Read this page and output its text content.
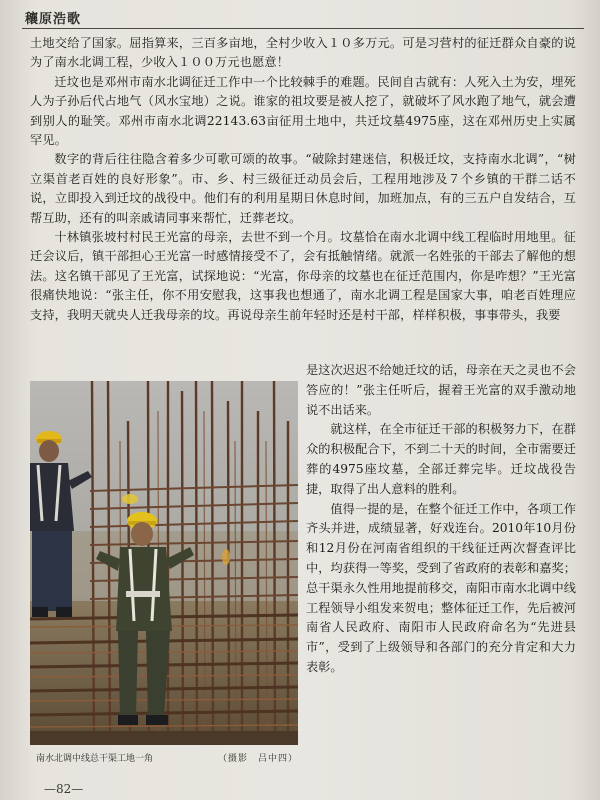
穰原浩歌

土地交给了国家。屈指算来，三百多亩地，全村少收入１０多万元。可是习营村的征迁群众自豪的说为了南水北调工程，少收入１００万元也愿意！

迁坟也是邓州市南水北调征迁工作中一个比较棘手的难题。民间自古就有：人死入土为安，埋死人为子孙后代占地气（风水宝地）之说。谁家的祖坟要是被人挖了，就破坏了风水跑了地气，就会遭到别人的耻笑。邓州市南水北调22143.63亩征用土地中，共迁坟墓4975座，这在邓州历史上实属罕见。

数字的背后往往隐含着多少可歌可颂的故事。“破除封建迷信，积极迁坟，支持南水北调”，“树立渠首老百姓的良好形象”。市、乡、村三级征迁动员会后，工程用地涉及７个乡镇的干群二话不说，立即投入到迁坟的战役中。他们有的利用星期日休息时间，加班加点，有的三五户自发结合，互帮互助，还有的叫亲戚请同事来帮忙，迁葬老坟。

十林镇张坡村村民王光富的母亲，去世不到一个月。坟墓恰在南水北调中线工程临时用地里。征迁会议后，镇干部担心王光富一时感情接受不了，会有抵触情绪。就派一名姓张的干部去了解他的想法。这名镇干部见了王光富，试探地说：“光富，你母亲的坟墓也在征迁范围内，你是咋想？”王光富很痛快地说：“张主任，你不用安慰我，这事我也想通了，南水北调工程是国家大事，咱老百姓理应支持，我明天就央人迁我母亲的坟。再说母亲生前年轻时还是村干部，样样积极，事事带头，我要

是这次迟迟不给她迁坟的话，母亲在天之灵也不会答应的！”张主任听后，握着王光富的双手激动地说不出话来。

就这样，在全市征迁干部的积极努力下，在群众的积极配合下，不到二十天的时间，全市需要迁葬的4975座坟墓，全部迁葬完毕。迁坟战役告捷，取得了出人意料的胜利。

值得一提的是，在整个征迁工作中，各项工作齐头并进，成绩显著，好戏连台。2010年10月份和12月份在河南省组织的干线征迁两次督查评比中，均获得一等奖，受到了省政府的表彰和嘉奖；总干渠永久性用地提前移交，南阳市南水北调中线工程领导小组发来贺电；整体征迁工作，先后被河南省人民政府、南阳市人民政府命名为“先进县市”，受到了上级领导和各部门的充分肯定和大力表彰。

南水北调中线总干渠工地一角	（摄影　吕中四）
—82—
